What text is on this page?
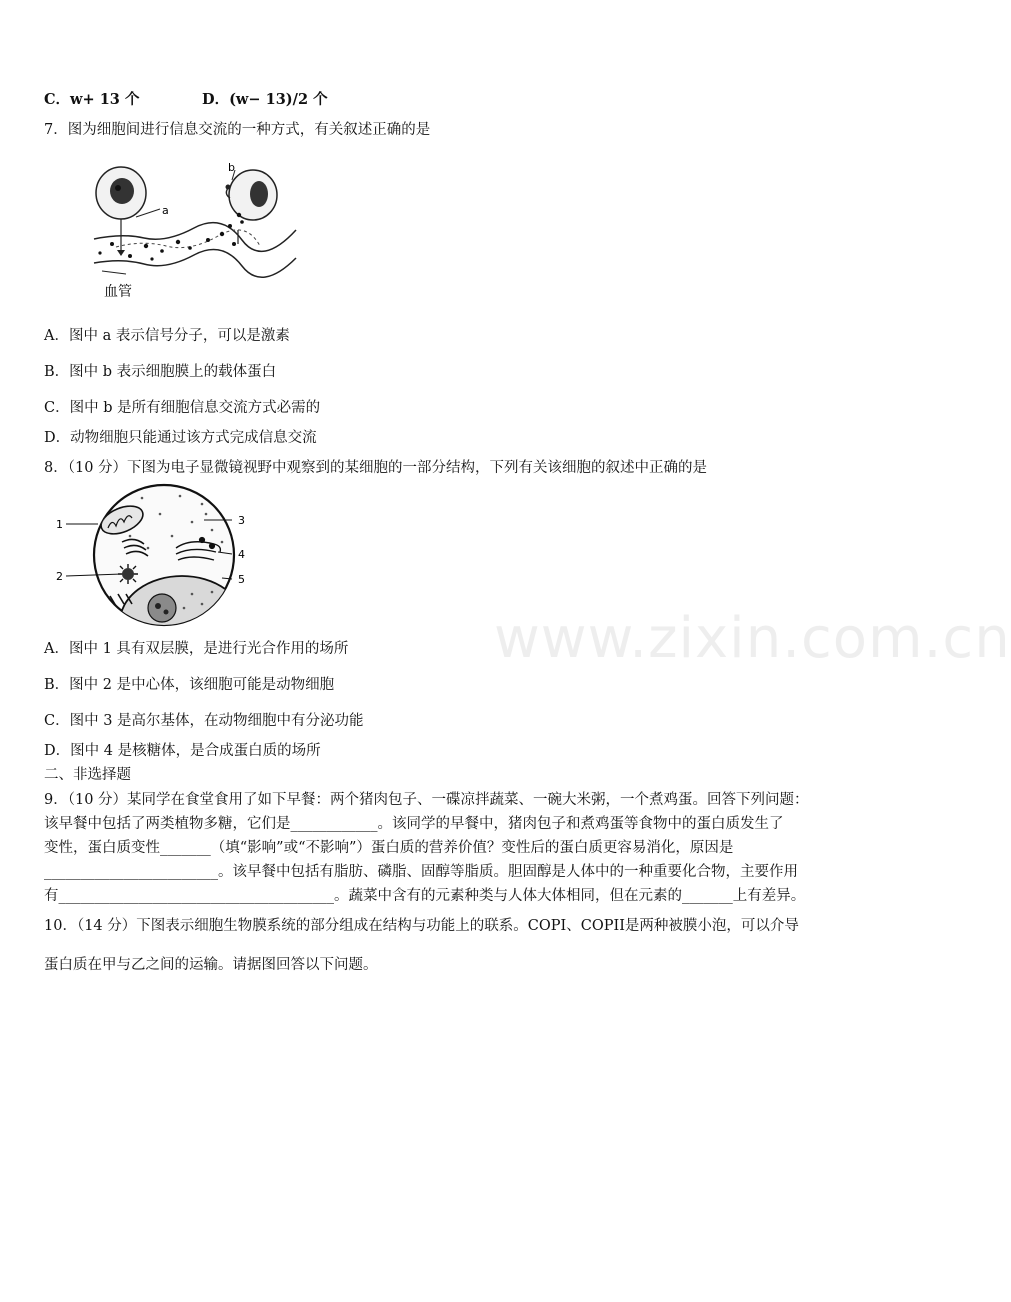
C．w+ 13 个	D．(w− 13)/2 个
7．图为细胞间进行信息交流的一种方式，有关叙述正确的是
a
b
血管
A．图中 a 表示信号分子，可以是激素
B．图中 b 表示细胞膜上的载体蛋白
C．图中 b 是所有细胞信息交流方式必需的
D．动物细胞只能通过该方式完成信息交流
8．（10 分）下图为电子显微镜视野中观察到的某细胞的一部分结构，下列有关该细胞的叙述中正确的是
1
2
3
4
5
A．图中 1 具有双层膜，是进行光合作用的场所
B．图中 2 是中心体，该细胞可能是动物细胞
C．图中 3 是高尔基体，在动物细胞中有分泌功能
D．图中 4 是核糖体，是合成蛋白质的场所
二、非选择题
9．（10 分）某同学在食堂食用了如下早餐：两个猪肉包子、一碟凉拌蔬菜、一碗大米粥，一个煮鸡蛋。回答下列问题：
该早餐中包括了两类植物多糖，它们是____________。该同学的早餐中，猪肉包子和煮鸡蛋等食物中的蛋白质发生了
变性，蛋白质变性_______（填“影响”或“不影响”）蛋白质的营养价值？变性后的蛋白质更容易消化，原因是
________________________。该早餐中包括有脂肪、磷脂、固醇等脂质。胆固醇是人体中的一种重要化合物，主要作用
有______________________________________。蔬菜中含有的元素种类与人体大体相同，但在元素的_______上有差异。
10．（14 分）下图表示细胞生物膜系统的部分组成在结构与功能上的联系。COPI、COPII是两种被膜小泡，可以介导
蛋白质在甲与乙之间的运输。请据图回答以下问题。
www.zixin.com.cn
